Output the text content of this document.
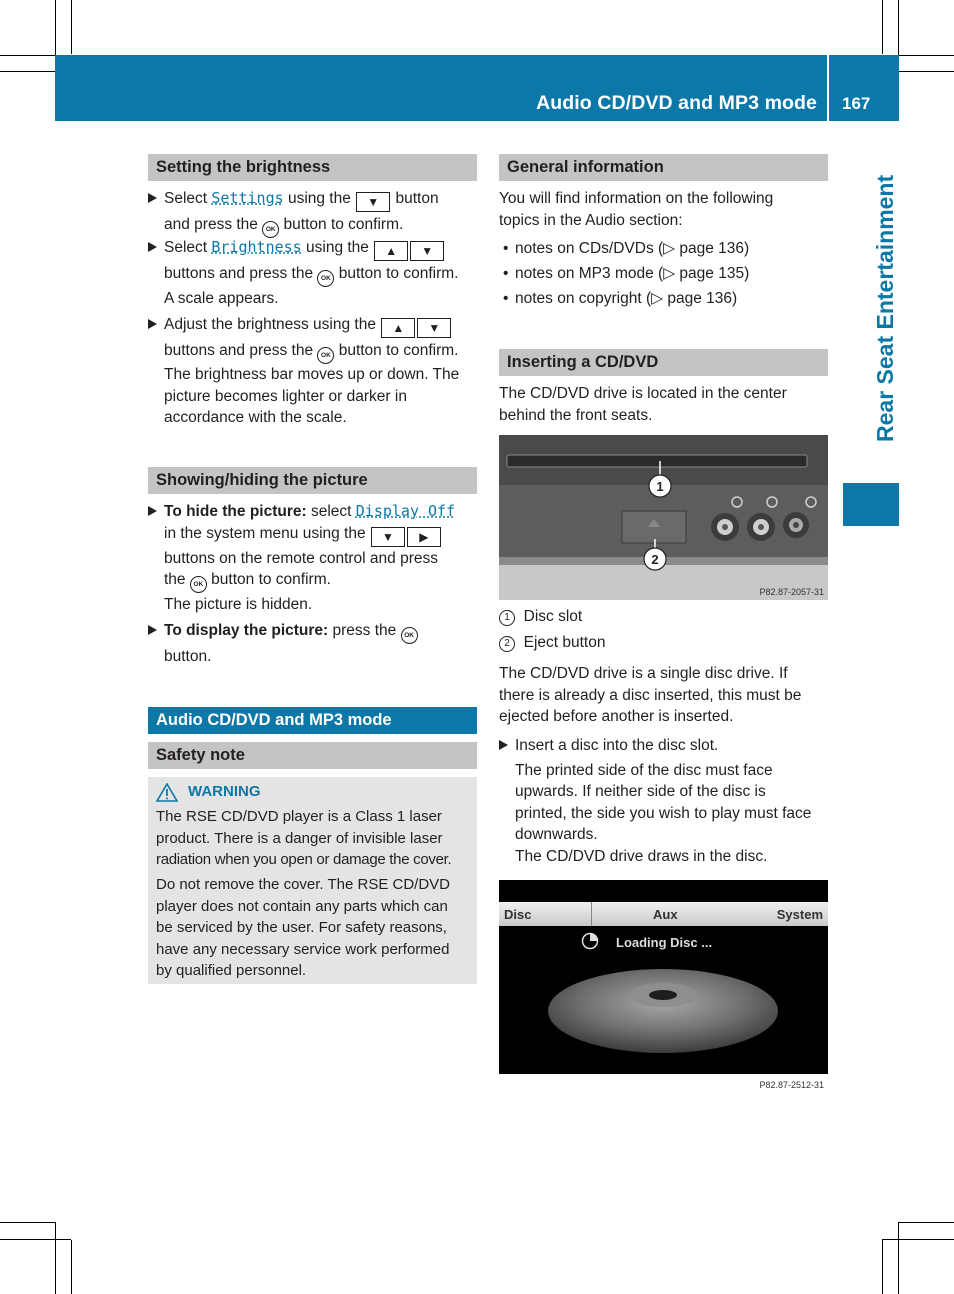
Audio CD/DVD and MP3 mode 167
Rear Seat Entertainment
Setting the brightness
Select Settings using the ▼ button
and press the OK button to confirm.
Select Brightness using the ▲ ▼
buttons and press the OK button to confirm.
A scale appears.
Adjust the brightness using the ▲ ▼
buttons and press the OK button to confirm.
The brightness bar moves up or down. The
picture becomes lighter or darker in
accordance with the scale.
Showing/hiding the picture
To hide the picture: select Display Off
in the system menu using the ▼ ▶
buttons on the remote control and press
the OK button to confirm.
The picture is hidden.
To display the picture: press the OK
button.
Audio CD/DVD and MP3 mode
Safety note
WARNING
The RSE CD/DVD player is a Class 1 laser
product. There is a danger of invisible laser
radiation when you open or damage the cover.
Do not remove the cover. The RSE CD/DVD
player does not contain any parts which can
be serviced by the user. For safety reasons,
have any necessary service work performed
by qualified personnel.
General information
You will find information on the following
topics in the Audio section:
• notes on CDs/DVDs (▷ page 136)
• notes on MP3 mode (▷ page 135)
• notes on copyright (▷ page 136)
Inserting a CD/DVD
The CD/DVD drive is located in the center
behind the front seats.
1
2
P82.87-2057-31
1 Disc slot
2 Eject button
The CD/DVD drive is a single disc drive. If
there is already a disc inserted, this must be
ejected before another is inserted.
Insert a disc into the disc slot.
The printed side of the disc must face
upwards. If neither side of the disc is
printed, the side you wish to play must face
downwards.
The CD/DVD drive draws in the disc.
Disc	Aux	System
Loading Disc ...
P82.87-2512-31
